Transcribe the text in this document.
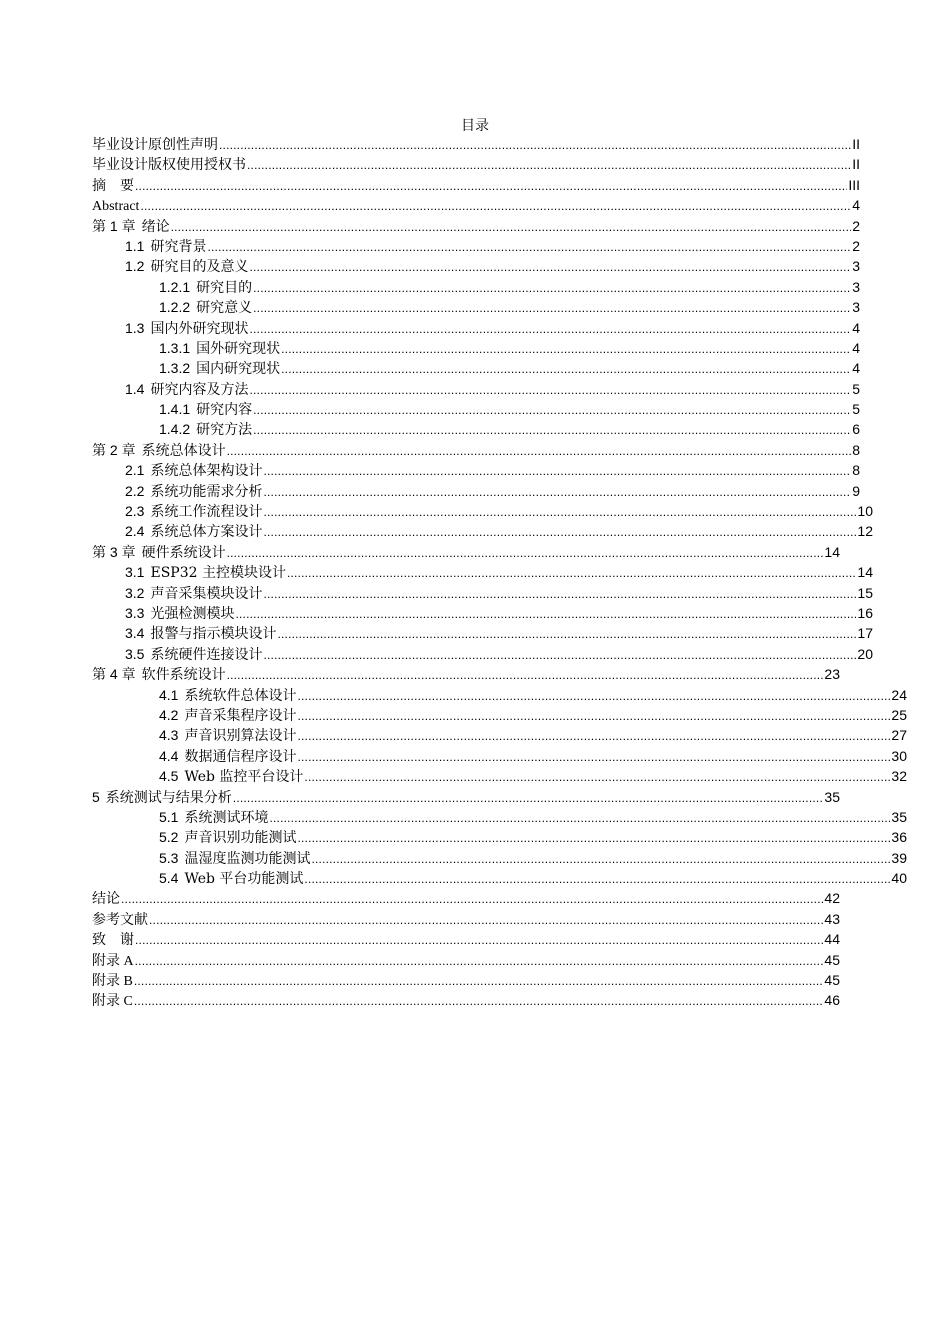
目录
毕业设计原创性声明 .....	II
毕业设计版权使用授权书 .....	II
摘　要 .....	III
Abstract .....	4
第 1 章 绪论 .....	2
1.1 研究背景 .....	2
1.2 研究目的及意义 .....	3
1.2.1 研究目的 .....	3
1.2.2 研究意义 .....	3
1.3 国内外研究现状 .....	4
1.3.1 国外研究现状 .....	4
1.3.2 国内研究现状 .....	4
1.4 研究内容及方法 .....	5
1.4.1 研究内容 .....	5
1.4.2 研究方法 .....	6
第 2 章 系统总体设计 .....	8
2.1 系统总体架构设计 .....	8
2.2 系统功能需求分析 .....	9
2.3 系统工作流程设计 .....	10
2.4 系统总体方案设计 .....	12
第 3 章 硬件系统设计 .....	14
3.1 ESP32 主控模块设计 .....	14
3.2 声音采集模块设计 .....	15
3.3 光强检测模块 .....	16
3.4 报警与指示模块设计 .....	17
3.5 系统硬件连接设计 .....	20
第 4 章 软件系统设计 .....	23
4.1 系统软件总体设计 .....	24
4.2 声音采集程序设计 .....	25
4.3 声音识别算法设计 .....	27
4.4 数据通信程序设计 .....	30
4.5 Web 监控平台设计 .....	32
5 系统测试与结果分析 .....	35
5.1 系统测试环境 .....	35
5.2 声音识别功能测试 .....	36
5.3 温湿度监测功能测试 .....	39
5.4 Web 平台功能测试 .....	40
结论 .....	42
参考文献 .....	43
致　谢 .....	44
附录 A .....	45
附录 B .....	45
附录 C .....	46
